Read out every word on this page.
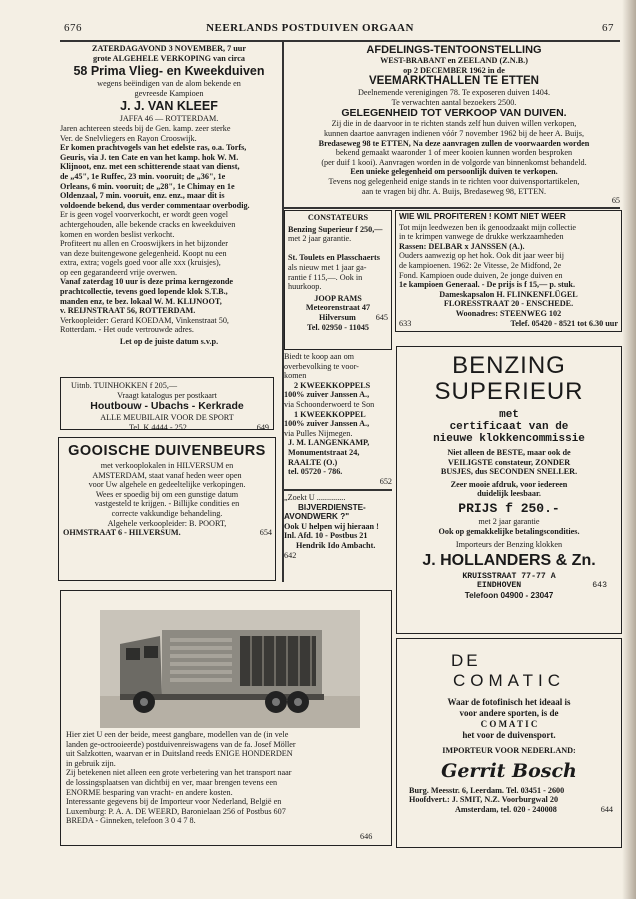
676	NEERLANDS POSTDUIVEN ORGAAN	67
ZATERDAGAVOND 3 NOVEMBER, 7 uur
grote ALGEHELE VERKOPING van circa
58 Prima Vlieg- en Kweekduiven
wegens beëindigen van de alom bekende en
gevreesde Kampioen
J. J. VAN KLEEF
JAFFA 46 — ROTTERDAM.
Jaren achtereen steeds bij de Gen. kamp. zeer sterke
Ver. de Snelvliegers en Rayon Crooswijk.
Er komen prachtvogels van het edelste ras, o.a. Torfs,
Geuris, via J. ten Cate en van het kamp. hok W. M.
Klijnoot, enz. met een schitterende staat van dienst,
de „45", 1e Ruffec, 23 min. vooruit; de „36", 1e
Orleans, 6 min. vooruit; de „28", 1e Chimay en 1e
Oldenzaal, 7 min. vooruit, enz. enz., maar dit is
voldoende bekend, dus verder commentaar overbodig.
Er is geen vogel voorverkocht, er wordt geen vogel
achtergehouden, alle bekende cracks en kweekduiven
komen en worden beslist verkocht.
Profiteert nu allen en Crooswijkers in het bijzonder
van deze buitengewone gelegenheid. Koopt nu een
extra, extra; vogels goed voor alle xxx (kruisjes),
op een gegarandeerd vrije overwen.
Vanaf zaterdag 10 uur is deze prima kerngezonde
prachtcollectie, tevens goed lopende klok S.T.B.,
manden enz, te bez. lokaal W. M. KLIJNOOT,
v. REIJNSTRAAT 56, ROTTERDAM.
Verkoopleider: Gerard KOEDAM, Vinkenstraat 50,
Rotterdam. - Het oude vertrouwde adres.
Let op de juiste datum s.v.p.
Uitnb. TUINHOKKEN f 205,—
Vraagt katalogus per postkaart
Houtbouw - Ubachs - Kerkrade
ALLE MEUBILAIR VOOR DE SPORT
Tel. K 4444 - 252	649
GOOISCHE DUIVENBEURS
met verkooplokalen in HILVERSUM en
AMSTERDAM, staat vanaf heden weer open
voor Uw algehele en gedeeltelijke verkopingen.
Wees er spoedig bij om een gunstige datum
vastgesteld te krijgen. - Billijke condities en
correcte vakkundige behandeling.
Algehele verkoopleider: B. POORT,
OHMSTRAAT 6 - HILVERSUM.	654
AFDELINGS-TENTOONSTELLING
WEST-BRABANT en ZEELAND (Z.N.B.)
op 2 DECEMBER 1962 in de
VEEMARKTHALLEN TE ETTEN
Deelnemende verenigingen 78. Te exposeren duiven 1404.
Te verwachten aantal bezoekers 2500.
GELEGENHEID TOT VERKOOP VAN DUIVEN.
Zij die in de daarvoor in te richten stands zelf hun duiven willen verkopen,
kunnen daartoe aanvragen indienen vóór 7 november 1962 bij de heer A. Buijs,
Bredaseweg 98 te ETTEN, Na deze aanvragen zullen de voorwaarden worden
bekend gemaakt waaronder 1 of meer kooien kunnen worden besproken
(per duif 1 kooi). Aanvragen worden in de volgorde van binnenkomst behandeld.
Een unieke gelegenheid om persoonlijk duiven te verkopen.
Tevens nog gelegenheid enige stands in te richten voor duivensportartikelen,
aan te vragen bij dhr. A. Buijs, Bredaseweg 98, ETTEN.
65
CONSTATEURS
Benzing Superieur f 250,—
met 2 jaar garantie.

St. Toulets en Plasschaerts
als nieuw met 1 jaar ga-
rantie f 115,—. Ook in
huurkoop.
JOOP RAMS
Meteorenstraat 47
Hilversum 645
Tel. 02950 - 11045
WIE WIL PROFITEREN ! KOMT NIET WEER
Tot mijn leedwezen ben ik genoodzaakt mijn collectie
in te krimpen vanwege de drukke werkzaamheden
Rassen: DELBAR x JANSSEN (A.).
Ouders aanwezig op het hok. Ook dit jaar weer bij
de kampioenen. 1962: 2e Vitesse, 2e Midfond, 2e
Fond. Kampioen oude duiven, 2e jonge duiven en
1e kampioen Generaal. - De prijs is f 15,— p. stuk.
Dameskapsalon H. FLINKENFLÜGEL
FLORESSTRAAT 20 - ENSCHEDE.
Woonadres: STEENWEG 102
633	Telef. 05420 - 8521 tot 6.30 uur
Biedt te koop aan om
overbevolking te voor-
komen
2 KWEEKKOPPELS
100% zuiver Janssen A.,
via Schoonderwoerd te Son
1 KWEEKKOPPEL
100% zuiver Janssen A.,
via Pulles Nijmegen.
J. M. LANGENKAMP,
Monumentstraat 24,
RAALTE (O.)
tel. 05720 - 786.
652
„Zoekt U ..............
BIJVERDIENSTE-
AVONDWERK ?"
Ook U helpen wij hieraan !
Inl. Afd. 10 - Postbus 21
Hendrik Ido Ambacht.
642
BENZING
SUPERIEUR
met
certificaat van de
nieuwe klokkencommissie
Niet alleen de BESTE, maar ook de
VEILIGSTE constateur, ZONDER
BUSJES, dus SECONDEN SNELLER.
Zeer mooie afdruk, voor iedereen
duidelijk leesbaar.
PRIJS f 250.-
met 2 jaar garantie
Ook op gemakkelijke betalingscondities.
Importeurs der Benzing klokken
J. HOLLANDERS & Zn.
KRUISSTRAAT 77-77 A
EINDHOVEN	643
Telefoon 04900 - 23047
Hier ziet U een der beide, meest gangbare, modellen van de (in vele
landen ge-octrooieerde) postduivenreiswagens van de fa. Josef Möller
uit Salzkotten, waarvan er in Duitsland reeds ENIGE HONDERDEN
in gebruik zijn.
Zij betekenen niet alleen een grote verbetering van het transport naar
de lossingsplaatsen van dichtbij en ver, maar brengen tevens een
ENORME besparing van vracht- en andere kosten.
Interessante gegevens bij de Importeur voor Nederland, België en
Luxemburg: P. A. A. DE WEERD, Baronielaan 256 of Postbus 607
BREDA - Ginneken, telefoon 3 0 4 7 8.
646
DE
COMATIC
Waar de fotofinisch het ideaal is
voor andere sporten, is de
C O M A T I C
het voor de duivensport.
IMPORTEUR VOOR NEDERLAND:
Gerrit Bosch
Burg. Meesstr. 6, Leerdam. Tel. 03451 - 2600
Hoofdvert.: J. SMIT, N.Z. Voorburgwal 20
Amsterdam, tel. 020 - 240008	644
